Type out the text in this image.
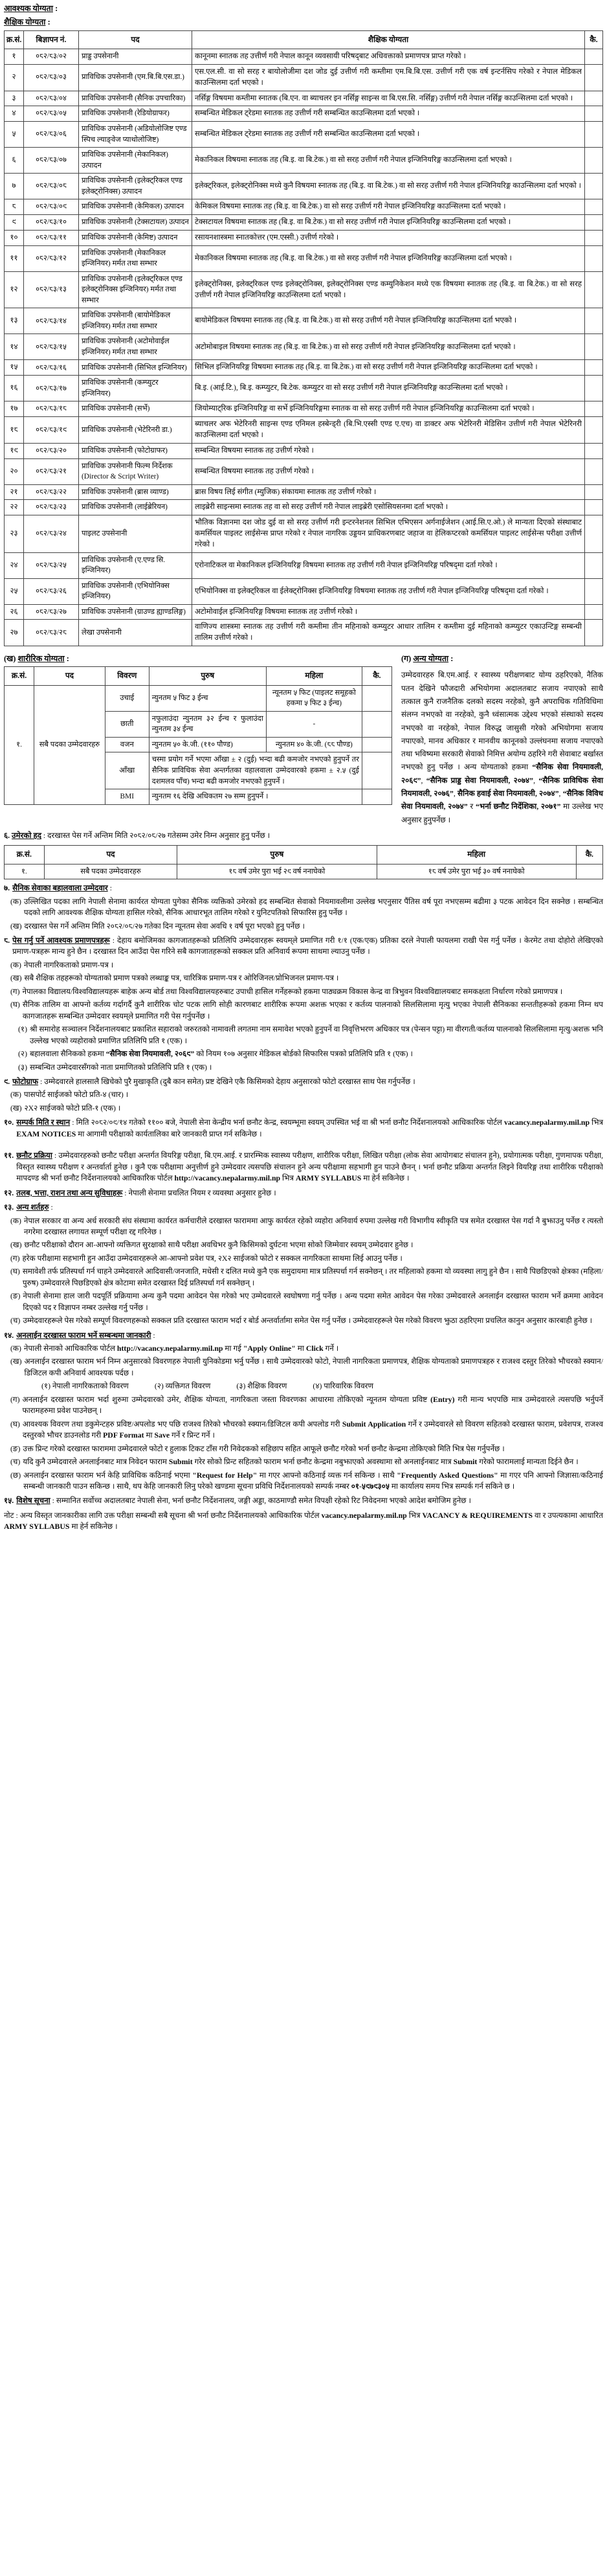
आवश्यक योग्यता :
शैक्षिक योग्यता :
क्र.सं.	बिज्ञापन नं.	पद	शैक्षिक योग्यता	कै.
१	०८२/८३/०२	प्राड्ड उपसेनानी	कानूनमा स्नातक तह उत्तीर्ण गरी नेपाल कानून व्यवसायी परिषद्‌बाट अधिवक्ताको प्रमाणपत्र प्राप्त गरेको ।	
२	०८२/८३/०३	प्राविधिक उपसेनानी (एम.बि.बि.एस.डा.)	एस.एल.सी. वा सो सरह र बायोलोजीमा दश जोड दुई उत्तीर्ण गरी कम्तीमा एम.बि.बि.एस. उत्तीर्ण गरी एक वर्ष इन्टर्नसिप गरेको र नेपाल मेडिकल काउन्सिलमा दर्ता भएको ।	
३	०८२/८३/०४	प्राविधिक उपसेनानी (सैनिक उपचारिका)	नर्सिङ्ग विषयमा कम्तीमा स्नातक (बि.एन. वा ब्याचलर इन नर्सिङ्ग साइन्स वा बि.एस.सि. नर्सिङ्ग) उत्तीर्ण गरी नेपाल नर्सिङ्ग काउन्सिलमा दर्ता भएको ।	
४	०८२/८३/०५	प्राविधिक उपसेनानी (रेडियोग्राफर)	सम्बन्धित मेडिकल ट्रेडमा स्नातक तह उत्तीर्ण गरी सम्बन्धित काउन्सिलमा दर्ता भएको ।	
५	०८२/८३/०६	प्राविधिक उपसेनानी (अडियोलोजिष्ट एण्ड स्पिच ल्याङ्‌वेज प्याथोलोजिष्ट)	सम्बन्धित मेडिकल ट्रेडमा स्नातक तह उत्तीर्ण गरी सम्बन्धित काउन्सिलमा दर्ता भएको ।	
६	०८२/८३/०७	प्राविधिक उपसेनानी (मेकानिकल) उत्पादन	मेकानिकल विषयमा स्नातक तह (बि.इ. वा बि.टेक.) वा सो सरह उत्तीर्ण गरी नेपाल इन्जिनियरिङ्ग काउन्सिलमा दर्ता भएको ।	
७	०८२/८३/०८	प्राविधिक उपसेनानी (इलेक्ट्रिकल एण्ड इलेक्ट्रोनिक्स) उत्पादन	इलेक्ट्रिकल, इलेक्ट्रोनिक्स मध्ये कुनै विषयमा स्नातक तह (बि.इ. वा बि.टेक.) वा सो सरह उत्तीर्ण गरी नेपाल इन्जिनियरिङ्ग काउन्सिलमा दर्ता भएको ।	
८	०८२/८३/०९	प्राविधिक उपसेनानी (केमिकल) उत्पादन	केमिकल विषयमा स्नातक तह (बि.इ. वा बि.टेक.) वा सो सरह उत्तीर्ण गरी नेपाल इन्जिनियरिङ्ग काउन्सिलमा दर्ता भएको ।	
९	०८२/८३/१०	प्राविधिक उपसेनानी (टेक्सटायल) उत्पादन	टेक्सटायल विषयमा स्नातक तह (बि.इ. वा बि.टेक.) वा सो सरह उत्तीर्ण गरी नेपाल इन्जिनियरिङ्ग काउन्सिलमा दर्ता भएको ।	
१०	०८२/८३/११	प्राविधिक उपसेनानी (केमिष्ट) उत्पादन	रसायनशास्त्रमा स्नातकोत्तर (एम.एस्सी.) उत्तीर्ण गरेको ।	
११	०८२/८३/१२	प्राविधिक उपसेनानी (मेकानिकल इन्जिनियर) मर्मत तथा सम्भार	मेकानिकल विषयमा स्नातक तह (बि.इ. वा बि.टेक.) वा सो सरह उत्तीर्ण गरी नेपाल इन्जिनियरिङ्ग काउन्सिलमा दर्ता भएको ।	
१२	०८२/८३/१३	प्राविधिक उपसेनानी (इलेक्ट्रिकल एण्ड इलेक्ट्रोनिक्स इन्जिनियर) मर्मत तथा सम्भार	इलेक्ट्रोनिक्स, इलेक्ट्रिकल एण्ड इलेक्ट्रोनिक्स, इलेक्ट्रोनिक्स एण्ड कम्युनिकेशन मध्ये एक विषयमा स्नातक तह (बि.इ. वा बि.टेक.) वा सो सरह उत्तीर्ण गरी नेपाल इन्जिनियरिङ्ग काउन्सिलमा दर्ता भएको ।	
१३	०८२/८३/१४	प्राविधिक उपसेनानी (बायोमेडिकल इन्जिनियर) मर्मत तथा सम्भार	बायोमेडिकल विषयमा स्नातक तह (बि.इ. वा बि.टेक.) वा सो सरह उत्तीर्ण गरी नेपाल इन्जिनियरिङ्ग काउन्सिलमा दर्ता भएको ।	
१४	०८२/८३/१५	प्राविधिक उपसेनानी (अटोमोवाईल इन्जिनियर) मर्मत तथा सम्भार	अटोमोबाइल विषयमा स्नातक तह (बि.इ. वा बि.टेक.) वा सो सरह उत्तीर्ण गरी नेपाल इन्जिनियरिङ्ग काउन्सिलमा दर्ता भएको ।	
१५	०८२/८३/१६	प्राविधिक उपसेनानी (सिभिल इन्जिनियर)	सिभिल इन्जिनियरिङ्ग विषयमा स्नातक तह (बि.इ. वा बि.टेक.) वा सो सरह उत्तीर्ण गरी नेपाल इन्जिनियरिङ्ग काउन्सिलमा दर्ता भएको ।	
१६	०८२/८३/१७	प्राविधिक उपसेनानी (कम्प्युटर इन्जिनियर)	बि.इ. (आई.टि.), बि.इ. कम्प्युटर, बि.टेक. कम्प्युटर वा सो सरह उत्तीर्ण गरी नेपाल इन्जिनियरिङ्ग काउन्सिलमा दर्ता भएको ।	
१७	०८२/८३/१८	प्राविधिक उपसेनानी (सर्भे)	जियोम्याट्रिक इन्जिनियरिङ्ग वा सर्भे इन्जिनियरिङ्गमा स्नातक वा सो सरह उत्तीर्ण गरी नेपाल इन्जिनियरिङ्ग काउन्सिलमा दर्ता भएको ।	
१८	०८२/८३/१९	प्राविधिक उपसेनानी (भेटेरिनरी डा.)	ब्याचलर अफ भेटेरिनरी साइन्स एण्ड एनिमल हस्बेन्ड्री (बि.भि.एस्सी एण्ड ए.एच) वा डाक्टर अफ भेटेरिनरी मेडिसिन उत्तीर्ण गरी नेपाल भेटेरिनरी काउन्सिलमा दर्ता भएको ।	
१९	०८२/८३/२०	प्राविधिक उपसेनानी (फोटोग्राफर)	सम्बन्धित विषयमा स्नातक तह उत्तीर्ण गरेको ।	
२०	०८२/८३/२१	प्राविधिक उपसेनानी फिल्म निर्देशक (Director & Script Writer)	सम्बन्धित विषयमा स्नातक तह उत्तीर्ण गरेको ।	
२१	०८२/८३/२२	प्राविधिक उपसेनानी (ब्रास व्याण्ड)	ब्रास विषय लिई संगीत (म्युजिक) संकायमा स्नातक तह उत्तीर्ण गरेको ।	
२२	०८२/८३/२३	प्राविधिक उपसेनानी (लाईब्रेरियन)	लाइब्रेरी साइन्समा स्नातक तह वा सो सरह उत्तीर्ण गरी नेपाल लाइब्रेरी एसोसियसनमा दर्ता भएको ।	
२३	०८२/८३/२४	पाइलट उपसेनानी	भौतिक विज्ञानमा दश जोड दुई वा सो सरह उत्तीर्ण गरी इन्टरनेशनल सिभिल एभिएसन अर्गनाईजेशन (आई.सि.ए.ओ.) ले मान्यता दिएको संस्थाबाट कमर्सियल पाइलट लाईसेन्स प्राप्त गरेको र नेपाल नागरिक उड्डयन प्राधिकरणबाट जहाज वा हेलिकप्टरको कमर्सियल पाइलट लाईसेन्स परीक्षा उत्तीर्ण गरेको ।	
२४	०८२/८३/२५	प्राविधिक उपसेनानी (ए.एण्ड सि. इन्जिनियर)	एरोनाटिकल वा मेकानिकल इन्जिनियरिङ्ग विषयमा स्नातक तह उत्तीर्ण गरी नेपाल इन्जिनियरिङ्ग परिषद्‌मा दर्ता गरेको ।	
२५	०८२/८३/२६	प्राविधिक उपसेनानी (एभियोनिक्स इन्जिनियर)	एभियोनिक्स वा इलेक्ट्रिकल वा ईलेक्ट्रोनिक्स इन्जिनियरिङ्ग विषयमा स्नातक तह उत्तीर्ण गरी नेपाल इन्जिनियरिङ्ग परिषद्‌मा दर्ता गरेको ।	
२६	०८२/८३/२७	प्राविधिक उपसेनानी (ग्राउण्ड ह्याण्डलिङ्ग)	अटोमोवाईल इन्जिनियरिङ्ग विषयमा स्नातक तह उत्तीर्ण गरेको ।	
२७	०८२/८३/२८	लेखा उपसेनानी	वाणिज्य शास्त्रमा स्नातक तह उत्तीर्ण गरी कम्तीमा तीन महिनाको कम्प्युटर आधार तालिम र कम्तीमा दुई महिनाको कम्प्युटर एकाउन्टिङ्ग सम्बन्धी तालिम उत्तीर्ण गरेको ।	
(ख) शारीरिक योग्यता :
क्र.सं.	पद	विवरण	पुरुष	महिला	कै.
१.	सबै पदका उम्मेदवारहरु	उचाई	न्युनतम ५ फिट ३ ईन्च	न्यूनतम ५ फिट (पाइलट समूहको हकमा ५ फिट ३ ईन्च)	
		छाती	नफुलाउंदा न्युनतम ३२ ईन्च र फुलाउंदा न्युनतम ३४ ईन्च	-	
		वजन	न्युनतम ५० के.जी. (११० पौण्ड)	न्युनतम ४० के.जी. (८८ पौण्ड)	
		आँखा	चस्मा प्रयोग गर्ने भएमा आँखा ± २ (दुई) भन्दा बढी कमजोर नभएको हुनुपर्ने तर सैनिक प्राविधिक सेवा अन्तर्गतका वहालवाला उम्मेदवारको हकमा ± २.५ (दुई दशमलव पाँच) भन्दा बढी कमजोर नभएको हुनुपर्ने ।		
		BMI	न्युनतम १६ देखि अधिकतम २७ सम्म हुनुपर्ने ।		
(ग) अन्य योग्यता :
उम्मेदवारहरु बि.एम.आई. र स्वास्थ्य परीक्षणबाट योग्य ठहरिएको, नैतिक पतन देखिने फौजदारी अभियोगमा अदालतबाट सजाय नपाएको साथै तत्काल कुनै राजनैतिक दलको सदस्य नरहेको, कुनै अपराधिक गतिविधिमा संलग्न नभएको वा नरहेको, कुनै ध्वंसात्मक उद्देश्य भएको संस्थाको सदस्य नभएको वा नरहेको, नेपाल विरुद्ध जासुसी गरेको अभियोगमा सजाय नपाएको, मानव अधिकार र मानवीय कानूनको उल्लंघनमा सजाय नपाएको तथा भविष्यमा सरकारी सेवाको निमित्त अयोग्य ठहरिने गरी सेवाबाट बर्खास्त नभएको हुनु पर्नेछ । अन्य योग्यताको हकमा “सैनिक सेवा नियमावली, २०६९”, “सैनिक प्राड्ड सेवा नियमावली, २०७४”, “सैनिक प्राविधिक सेवा नियमावली, २०७६”, सैनिक हवाई सेवा नियमावली, २०७४”, “सैनिक विविध सेवा नियमावली, २०७४” र “भर्ना छनौट निर्देशिका, २०७१” मा उल्लेख भए अनुसार हुनुपर्नेछ ।
६. उमेरको हद : दरखास्त पेस गर्ने अन्तिम मिति २०८२/०८/२७ गतेसम्म उमेर निम्न अनुसार हुनु पर्नेछ ।
क्र.सं.	पद	पुरुष	महिला	कै.
१.	सबै पदका उम्मेदवारहरु	१८ वर्ष उमेर पुरा भई २९ वर्ष ननाघेको	१८ वर्ष उमेर पुरा भई ३० वर्ष ननाघेको	
७. सैनिक सेवाका बहालवाला उम्मेदवार :
(क) उल्लिखित पदका लागि नेपाली सेनामा कार्यरत योग्यता पुगेका सैनिक व्यक्तिको उमेरको हद सम्बन्धित सेवाको नियमावलीमा उल्लेख भएनुसार पैंतिस वर्ष पूरा नभएसम्म बढीमा ३ पटक आवेदन दिन सक्नेछ । सम्बन्धित पदको लागि आवश्यक शैक्षिक योग्यता हासिल गरेको, सैनिक आधारभूत तालिम गरेको र युनिटपतिको सिफारिस हुनु पर्नेछ ।
(ख) दरखास्त पेस गर्ने अन्तिम मिति २०८२/०८/२७ गतेका दिन न्यूनतम सेवा अवधि १ वर्ष पूरा भएको हुनु पर्नेछ ।
८. पेस गर्नु पर्ने आवश्यक प्रमाणपत्रहरू : देहाय बमोजिमका कागजातहरूको प्रतिलिपि उम्मेदवारहरू स्वयम्‌ले प्रमाणित गरी १/१ (एक/एक) प्रतिका दरले नेपाली फायलमा राखी पेस गर्नु पर्नेछ । केरमेट तथा दोहोरो लेखिएको प्रमाण-पत्रहरू मान्य हुने छैन । दरखास्त दिन आउँदा पेस गरिने सबै कागजातहरूको सक्कल प्रति अनिवार्य रूपमा साथमा ल्याउनु पर्नेछ ।
(क) नेपाली नागरिकताको प्रमाण-पत्र ।
(ख) सबै शैक्षिक तहहरूको योग्यताको प्रमाण पत्रको लब्धाङ्क पत्र, चारित्रिक प्रमाण-पत्र र ओरिजिनल/प्रोभिजनल प्रमाण-पत्र ।
(ग) नेपालका विद्यालय/विश्वविद्यालयहरू बाहेक अन्य बोर्ड तथा विश्वविद्यालयहरुबाट उपाधी हासिल गर्नेहरूको हकमा पाठ्यक्रम विकास केन्द्र वा त्रिभुवन विश्वविद्यालयबाट समकक्षता निर्धारण गरेको प्रमाणपत्र ।
(घ) सैनिक तालिम वा आफ्नो कर्तव्य गर्दागर्दै कुनै शारीरिक चोट पटक लागि सोही कारणबाट शारीरिक रूपमा अशक्त भएका र कर्तव्य पालनाको सिलसिलामा मृत्यु भएका नेपाली सैनिकका सन्ततीहरूको हकमा निम्न थप कागजातहरू सम्बन्धित उम्मेदवार स्वयम्‌ले प्रमाणित गरी पेस गर्नुपर्नेछ ।
(१) श्री समारोह सञ्चालन निर्देशनालयबाट प्रकाशित सहाराको जरुरतको नामावली लगतमा नाम समावेश भएको हुनुपर्ने वा निवृत्तिभरण अधिकार पत्र (पेन्सन पट्टा) मा वीरगती/कर्तव्य पालनाको सिलसिलामा मृत्यु/अशक्त भनि उल्लेख भएको व्यहोराको प्रमाणित प्रतिलिपि प्रति १ (एक) ।
(२) बहालवाला सैनिकको हकमा “सैनिक सेवा नियमावली, २०६९” को नियम १०७ अनुसार मेडिकल बोर्डको सिफारिस पत्रको प्रतिलिपि प्रति १ (एक) ।
(३) सम्बन्धित उम्मेदवारसँगको नाता प्रमाणितको प्रतिलिपि प्रति १ (एक) ।
९. फोटोग्राफ : उम्मेदवारले हालसालै खिचेको पुरै मुखाकृति (दुबै कान समेत) प्रष्ट देखिने एकै किसिमको देहाय अनुसारको फोटो दरखास्त साथ पेस गर्नुपर्नेछ ।
(क) पासपोर्ट साईजको फोटो प्रति-४ (चार) ।
(ख) २X२ साईजको फोटो प्रति-१ (एक) ।
१०. सम्पर्क मिति र स्थान : मिति २०८२/०९/१४ गतेको ११०० बजे, नेपाली सेना केन्द्रीय भर्ना छनौट केन्द्र, स्वयम्भूमा स्वयम् उपस्थित भई वा श्री भर्ना छनौट निर्देशनालयको आधिकारिक पोर्टल vacancy.nepalarmy.mil.np भित्र EXAM NOTICES मा आगामी परीक्षाको कार्यतालिका बारे जानकारी प्राप्त गर्न सकिनेछ ।
११. छनौट प्रक्रिया : उम्मेदवारहरुको छनौट परीक्षा अन्तर्गत वियरिङ्ग परीक्षा, बि.एम.आई. र प्रारम्भिक स्वास्थ्य परीक्षण, शारीरिक परीक्षा, लिखित परीक्षा (लोक सेवा आयोगबाट संचालन हुने), प्रयोगात्मक परीक्षा, गुणमापक परीक्षा, विस्तृत स्वास्थ्य परीक्षण र अन्तर्वार्ता हुनेछ । कुनै एक परीक्षामा अनुत्तीर्ण हुने उम्मेदवार त्यसपछि संचालन हुने अन्य परीक्षामा सहभागी हुन पाउने छैनन् । भर्ना छनौट प्रक्रिया अन्तर्गत लिइने वियरिङ्ग तथा शारीरिक परीक्षाको मापदण्ड श्री भर्ना छनौट निर्देशनालयको आधिकारिक पोर्टल http://vacancy.nepalarmy.mil.np भित्र ARMY SYLLABUS मा हेर्न सकिनेछ ।
१२. तलब, भत्ता, राशन तथा अन्य सुविधाहरू : नेपाली सेनामा प्रचलित नियम र व्यवस्था अनुसार हुनेछ ।
१३. अन्य शर्तहरु :
(क) नेपाल सरकार वा अन्य अर्ध सरकारी संघ संस्थामा कार्यरत कर्मचारीले दरखास्त फाराममा आफु कार्यरत रहेको व्यहोरा अनिवार्य रुपमा उल्लेख गरी विभागीय स्वीकृति पत्र समेत दरखास्त पेस गर्दा नै बुझाउनु पर्नेछ र त्यस्तो नगरेमा दरखास्त लगायत सम्पूर्ण परीक्षा रद्द गरिनेछ ।
(ख) छनौट परीक्षाको दौरान आ-आफ्नो व्यक्तिगत सुरक्षाको साथै परीक्षा अवधिभर कुनै किसिमको दुर्घटना भएमा सोको जिम्मेवार स्वयम् उम्मेदवार हुनेछ ।
(ग) हरेक परीक्षामा सहभागी हुन आउँदा उम्मेदवारहरूले आ-आफ्नो प्रवेश पत्र, २X२ साईजको फोटो र सक्कल नागरिकता साथमा लिई आउनु पर्नेछ ।
(घ) समावेशी तर्फ प्रतिस्पर्धा गर्न चाहने उम्मेदवारले आदिवासी/जनजाति, मधेसी र दलित मध्ये कुनै एक समुदायमा मात्र प्रतिस्पर्धा गर्न सक्नेछन् । तर महिलाको हकमा यो व्यवस्था लागु हुने छैन । साथै पिछडिएको क्षेत्रका (महिला/पुरुष) उम्मेदवारले पिछडिएको क्षेत्र कोटामा समेत दरखास्त दिई प्रतिस्पर्धा गर्न सक्नेछन् ।
(ङ) नेपाली सेनामा हाल जारी पदपूर्ति प्रक्रियामा अन्य कुनै पदमा आवेदन पेस गरेको भए उम्मेदवारले स्वघोषणा गर्नु पर्नेछ । अन्य पदमा समेत आवेदन पेस गरेका उम्मेदवारले अनलाईन दरखास्त फाराम भर्ने क्रममा आवेदन दिएको पद र विज्ञापन नम्बर उल्लेख गर्नु पर्नेछ ।
(च) उम्मेदवारहरूले पेस गरेको सम्पूर्ण विवरणहरूको सक्कल प्रति दरखास्त फाराम भर्दा र बोर्ड अन्तर्वार्तामा समेत पेस गर्नु पर्नेछ । उम्मेदवारहरूले पेस गरेको विवरण झुठा ठहरिएमा प्रचलित कानुन अनुसार कारबाही हुनेछ ।
१४. अनलाईन दरखास्त फाराम भर्ने सम्बन्धमा जानकारी :
(क) नेपाली सेनाको आधिकारिक पोर्टल http://vacancy.nepalarmy.mil.np मा गई "Apply Online" मा Click गर्ने ।
(ख) अनलाईन दरखास्त फाराम भर्न निम्न अनुसारको विवरणहरु नेपाली युनिकोडमा भर्नु पर्नेछ । साथै उम्मेदवारको फोटो, नेपाली नागरिकता प्रमाणपत्र, शैक्षिक योग्यताको प्रमाणपत्रहरु र राजश्व दस्तुर तिरेको भौचरको स्क्यान/डिजिटल कपी अनिवार्य आवश्यक पर्दछ ।
(१) नेपाली नागरिकताको विवरण	(२) व्यक्तिगत विवरण	(३) शैक्षिक विवरण	(४) पारिवारिक विवरण
(ग) अनलाईन दरखास्त फाराम भर्दा शुरुमा उम्मेदवारको उमेर, शैक्षिक योग्यता, नागरिकता जस्ता विवरणका आधारमा तोकिएको न्यूनतम योग्यता प्रविष्ट (Entry) गरी मान्य भएपछि मात्र उम्मेदवारले त्यसपछि भर्नुपर्ने फारामहरुमा प्रवेश पाउनेछन् ।
(घ) आवश्यक विवरण तथा डकुमेन्टहरु प्रविष्ट/अपलोड भए पछि राजश्व तिरेको भौचरको स्क्यान/डिजिटल कपी अपलोड गरी Submit Application गर्ने र उम्मेदवारले सो विवरण सहितको दरखास्त फाराम, प्रवेशपत्र, राजश्व दस्तुरको भौचर डाउनलोड गरी PDF Format मा Save गर्ने र प्रिन्ट गर्ने ।
(ङ) उक्त प्रिन्ट गरेको दरखास्त फाराममा उम्मेदवारले फोटो र हुलाक टिकट टाँस गरी निवेदकको सहिछाप सहित आफूले छनौट गरेको भर्ना छनौट केन्द्रमा तोकिएको मिति भित्र पेस गर्नुपर्नेछ ।
(च) यदि कुनै उम्मेदवारले अनलाईनबाट मात्र निवेदन फाराम Submit गरेर सोको प्रिन्ट सहितको फाराम भर्ना छनौट केन्द्रमा नबुझाएको अवस्थामा सो अनलाईनबाट मात्र Submit गरेको फारामलाई मान्यता दिईने छैन ।
(छ) अनलाईन दरखास्त फाराम भर्न केहि प्राविधिक कठिनाई भएमा "Request for Help" मा गएर आफ्नो कठिनाई व्यक्त गर्न सकिन्छ । साथै "Frequently Asked Questions" मा गएर पनि आफ्नो जिज्ञासा/कठिनाई सम्बन्धी जानकारी पाउन सकिन्छ । साथै, थप केहि जानकारी लिनु परेको खण्डमा सूचना प्रविधि निर्देशनालयको सम्पर्क नम्बर ०१-५९७९३०५ मा कार्यालय समय भित्र सम्पर्क गर्न सकिने छ ।
१५. विशेष सूचना : सम्मानित सर्वोच्च अदालतबाट नेपाली सेना, भर्ना छनौट निर्देशनालय, जङ्गी अड्डा, काठमाण्डौ समेत विपक्षी रहेको रिट निवेदनमा भएको आदेश बमोजिम हुनेछ ।
नोट : अन्य विस्तृत जानकारीका लागि उक्त परीक्षा सम्बन्धी सबै सूचना श्री भर्ना छनौट निर्देशनालयको आधिकारिक पोर्टल vacancy.nepalarmy.mil.np भित्र VACANCY & REQUIREMENTS वा र उपत्यकामा आधारित ARMY SYLLABUS मा हेर्न सकिनेछ ।
